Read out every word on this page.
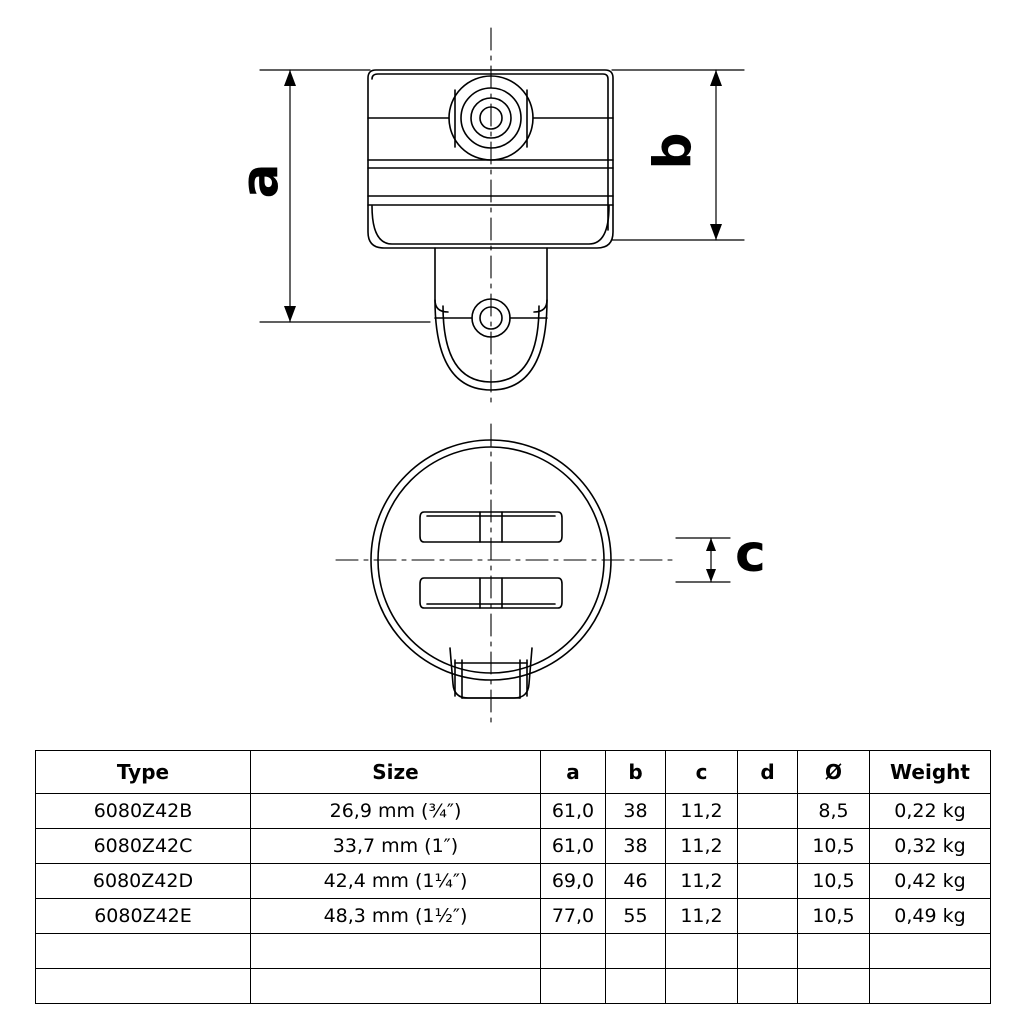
a
b
c
Type	Size	a	b	c	d	Ø	Weight
6080Z42B	26,9 mm (¾″)	61,0	38	11,2		8,5	0,22 kg
6080Z42C	33,7 mm (1″)	61,0	38	11,2		10,5	0,32 kg
6080Z42D	42,4 mm (1¼″)	69,0	46	11,2		10,5	0,42 kg
6080Z42E	48,3 mm (1½″)	77,0	55	11,2		10,5	0,49 kg
